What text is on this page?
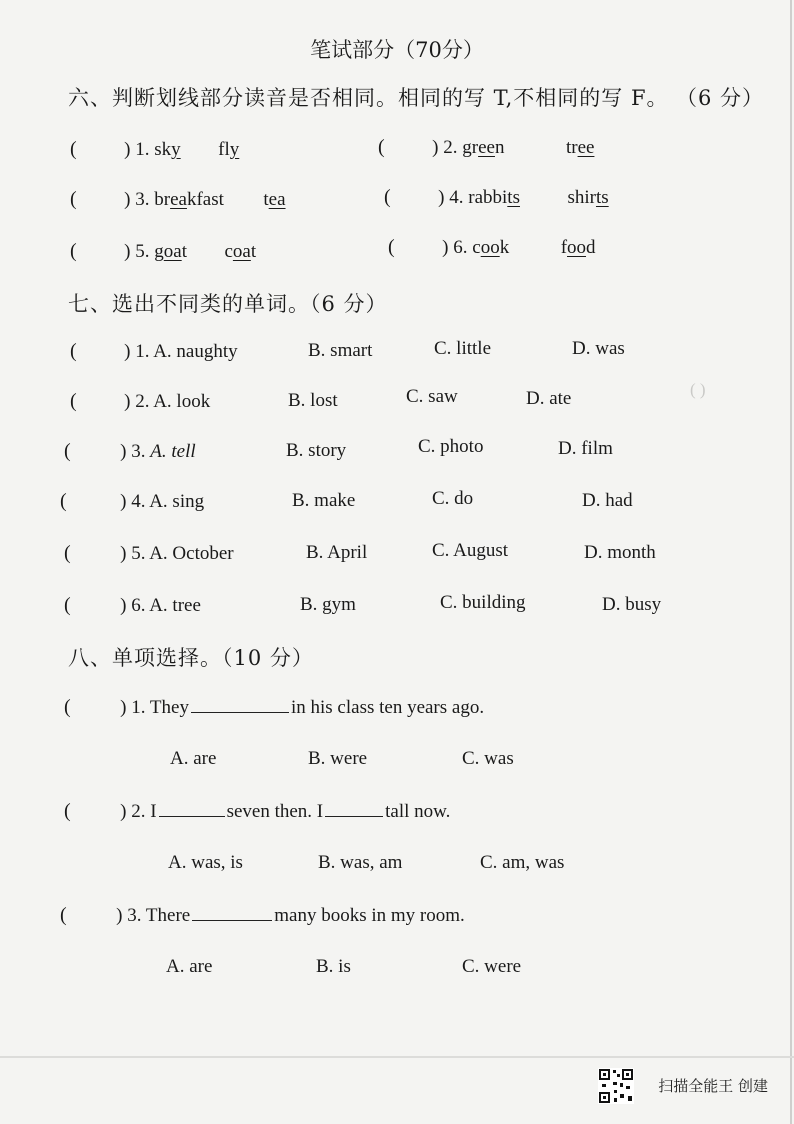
( )
笔试部分（70分）
六、判断划线部分读音是否相同。相同的写 T,不相同的写 F。 （6 分）
(	) 1. sky fly	(	) 2. green	tree
(	) 3. breakfast tea	(	) 4. rabbits	shirts
(	) 5. goat coat	(	) 6. cook	food
七、选出不同类的单词。（6 分）
(	) 1. A. naughty	B. smart	C. little	D. was
(	) 2. A. look	B. lost	C. saw	D. ate
(	) 3. A. tell	B. story	C. photo	D. film
(	) 4. A. sing	B. make	C. do	D. had
(	) 5. A. October	B. April	C. August	D. month
(	) 6. A. tree	B. gym	C. building	D. busy
八、单项选择。（10 分）
(	) 1. They	in his class ten years ago.
A. are	B. were	C. was
(	) 2. I	seven then. I	tall now.
A. was, is	B. was, am	C. am, was
(	) 3. There	many books in my room.
A. are	B. is	C. were
扫描全能王 创建
